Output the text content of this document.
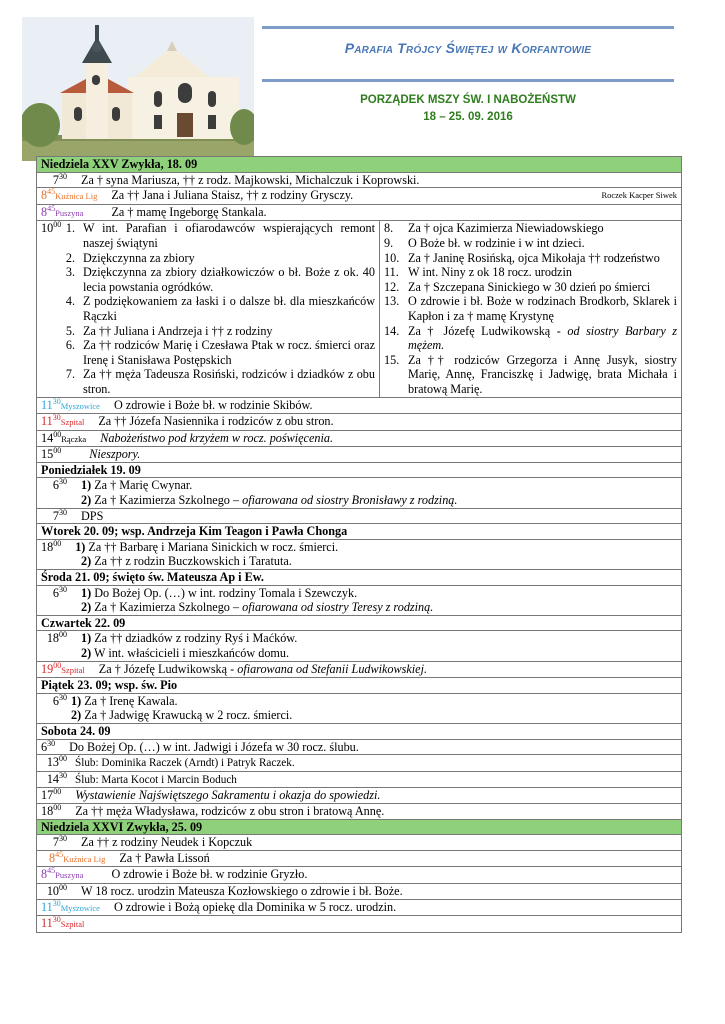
Parafia Trójcy Świętej w Korfantowie
PORZĄDEK MSZY ŚW. I NABOŻEŃSTW
18 – 25. 09. 2016
Niedziela XXV Zwykła, 18. 09
$7^{30}$ Za † syna Mariusza, †† z rodz. Majkowski, Michalczuk i Koprowski.
$8^{45}Kuźnica$ Lig Za †† Jana i Juliana Staisz, †† z rodziny Grysczy.	Roczek Kacper Siwek

$8^{45}Puszyna$ Za † mamę Ingeborgę Stankala.

$10^{00}$ 1. W int. Parafian i ofiarodawców wspierających remont naszej świątyni
2. Dziękczynna za zbiory
3. Dziękczynna za zbiory działkowiczów o bł. Boże z ok. 40 lecia powstania ogródków.
4. Z podziękowaniem za łaski i o dalsze bł. dla mieszkańców Rączki
5. Za †† Juliana i Andrzeja i †† z rodziny
6. Za †† rodziców Marię i Czesława Ptak w rocz. śmierci oraz Irenę i Stanisława Postępskich
7. Za †† męża Tadeusza Rosiński, rodziców i dziadków z obu stron.

8.	Za † ojca Kazimierza Niewiadowskiego
9.	O Boże bł. w rodzinie i w int dzieci.
10. Za † Janinę Rosińską, ojca Mikołaja †† rodzeństwo
11. W int. Niny z ok 18 rocz. urodzin
12. Za † Szczepana Sinickiego w 30 dzień po śmierci
13. O zdrowie i bł. Boże w rodzinach Brodkorb, Sklarek i Kapłon i za † mamę Krystynę
14. Za † Józefę Ludwikowską - od siostry Barbary z mężem.
15. Za †† rodziców Grzegorza i Annę Jusyk, siostry Marię, Annę, Franciszkę i Jadwigę, brata Michała i bratową Marię.

$11^{30}Myszowice$ O zdrowie i Boże bł. w rodzinie Skibów.
$11^{30}Szpital$ Za †† Józefa Nasiennika i rodziców z obu stron.
$14^{00}Rączka$ Nabożeństwo pod krzyżem w rocz. poświęcenia.
$15^{00}$ Nieszpory.
Poniedziałek 19. 09

$6^{30}$ 1) Za † Marię Cwynar.
2) Za † Kazimierza Szkolnego – ofiarowana od siostry Bronisławy z rodziną.

$7^{30}$ DPS
Wtorek 20. 09; wsp. Andrzeja Kim Teagon i Pawła Chonga

$18^{00}$ 1) Za †† Barbarę i Mariana Sinickich w rocz. śmierci.
2) Za †† z rodzin Buczkowskich i Taratuta.

Środa 21. 09; święto św. Mateusza Ap i Ew.

$6^{30}$ 1) Do Bożej Op. (…) w int. rodziny Tomala i Szewczyk.
2) Za † Kazimierza Szkolnego – ofiarowana od siostry Teresy z rodziną.

Czwartek 22. 09

$18^{00}$ 1) Za †† dziadków z rodziny Ryś i Maćków.
2) W int. właścicieli i mieszkańców domu.

$19^{00}Szpital$ Za † Józefę Ludwikowską - ofiarowana od Stefanii Ludwikowskiej.
Piątek 23. 09; wsp. św. Pio

$6^{30}$ 1) Za † Irenę Kawala.
2) Za † Jadwigę Krawucką w 2 rocz. śmierci.

Sobota 24. 09
$6^{30}$ Do Bożej Op. (…) w int. Jadwigi i Józefa w 30 rocz. ślubu.
$13^{00}$ Ślub: Dominika Raczek (Arndt) i Patryk Raczek.
$14^{30}$ Ślub: Marta Kocot i Marcin Boduch
$17^{00}$ Wystawienie Najświętszego Sakramentu i okazja do spowiedzi.
$18^{00}$ Za †† męża Władysława, rodziców z obu stron i bratową Annę.
Niedziela XXVI Zwykła, 25. 09
$7^{30}$ Za †† z rodziny Neudek i Kopczuk
$8^{45}Kuźnica$ Lig Za † Pawła Lissoń
$8^{45}Puszyna$ O zdrowie i Boże bł. w rodzinie Gryzło.
$10^{00}$ W 18 rocz. urodzin Mateusza Kozłowskiego o zdrowie i bł. Boże.
$11^{30}Myszowice$ O zdrowie i Bożą opiekę dla Dominika w 5 rocz. urodzin.
$11^{30}Szpital$
